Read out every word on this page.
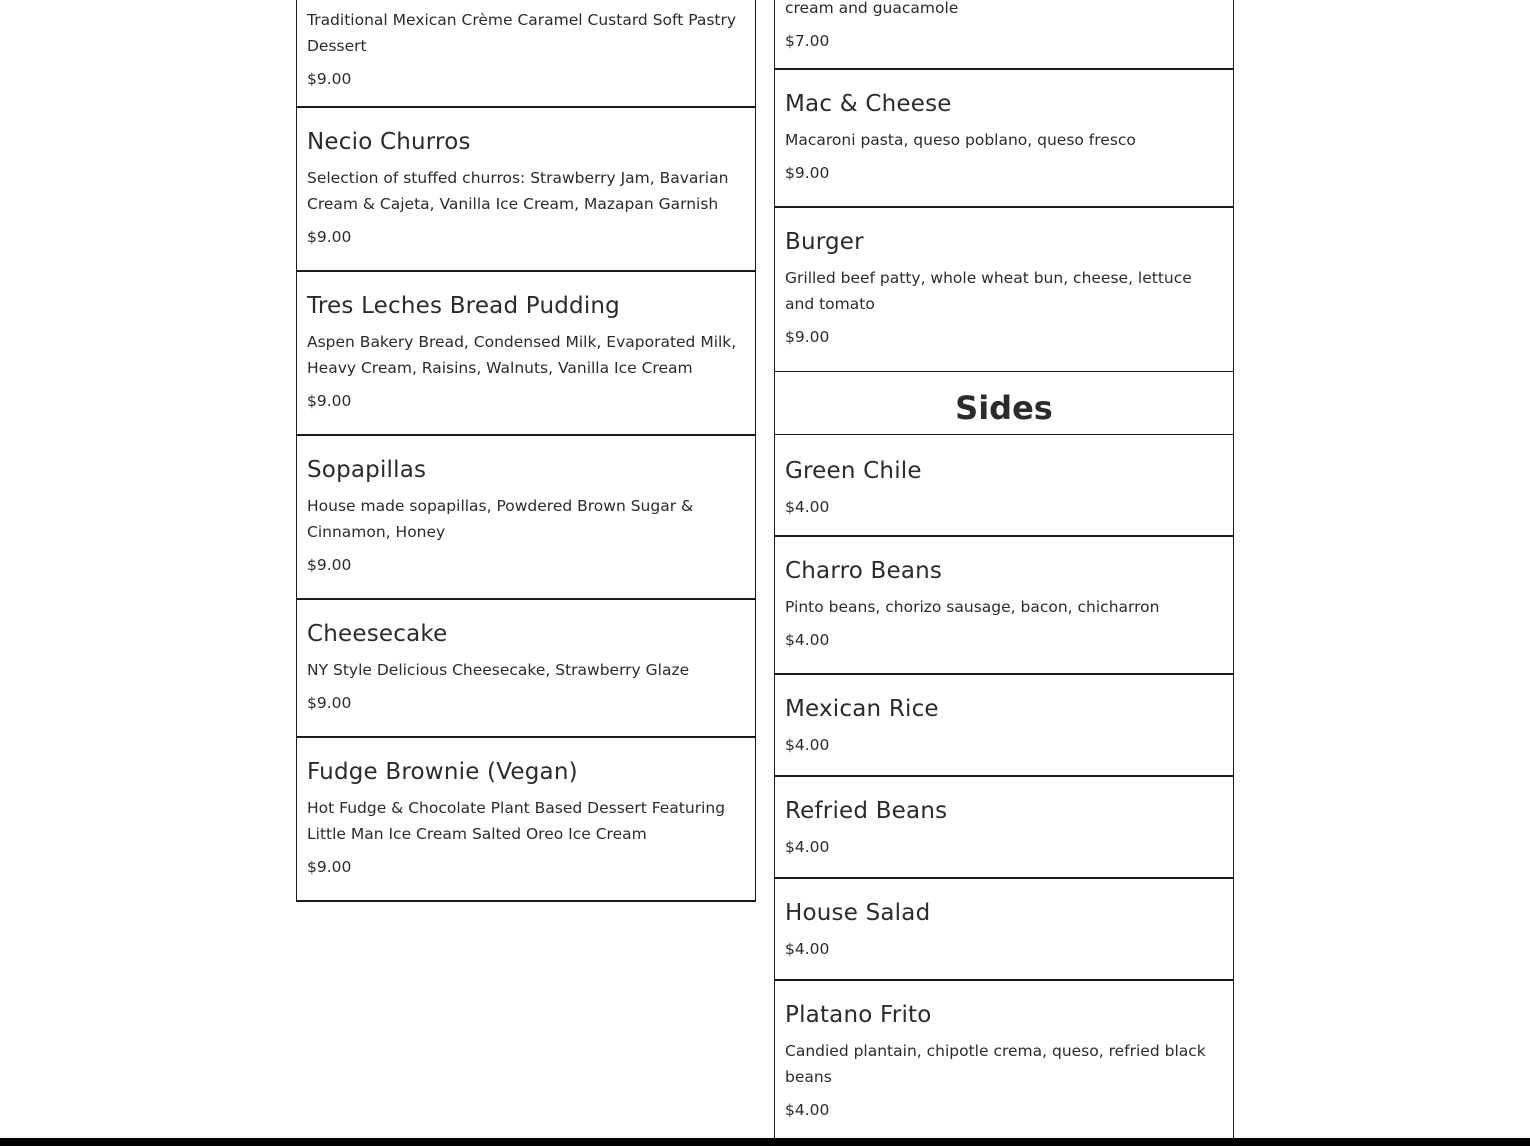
Traditional Mexican Crème Caramel Custard Soft Pastry Dessert

$9.00

Necio Churros

Selection of stuffed churros: Strawberry Jam, Bavarian Cream & Cajeta, Vanilla Ice Cream, Mazapan Garnish

$9.00

Tres Leches Bread Pudding

Aspen Bakery Bread, Condensed Milk, Evaporated Milk, Heavy Cream, Raisins, Walnuts, Vanilla Ice Cream

$9.00

Sopapillas

House made sopapillas, Powdered Brown Sugar & Cinnamon, Honey

$9.00

Cheesecake

NY Style Delicious Cheesecake, Strawberry Glaze

$9.00

Fudge Brownie (Vegan)

Hot Fudge & Chocolate Plant Based Dessert Featuring Little Man Ice Cream Salted Oreo Ice Cream

$9.00

cream and guacamole

$7.00

Mac & Cheese

Macaroni pasta, queso poblano, queso fresco

$9.00

Burger

Grilled beef patty, whole wheat bun, cheese, lettuce and tomato

$9.00

Sides
Green Chile

$4.00

Charro Beans

Pinto beans, chorizo sausage, bacon, chicharron

$4.00

Mexican Rice

$4.00

Refried Beans

$4.00

House Salad

$4.00

Platano Frito

Candied plantain, chipotle crema, queso, refried black beans

$4.00
